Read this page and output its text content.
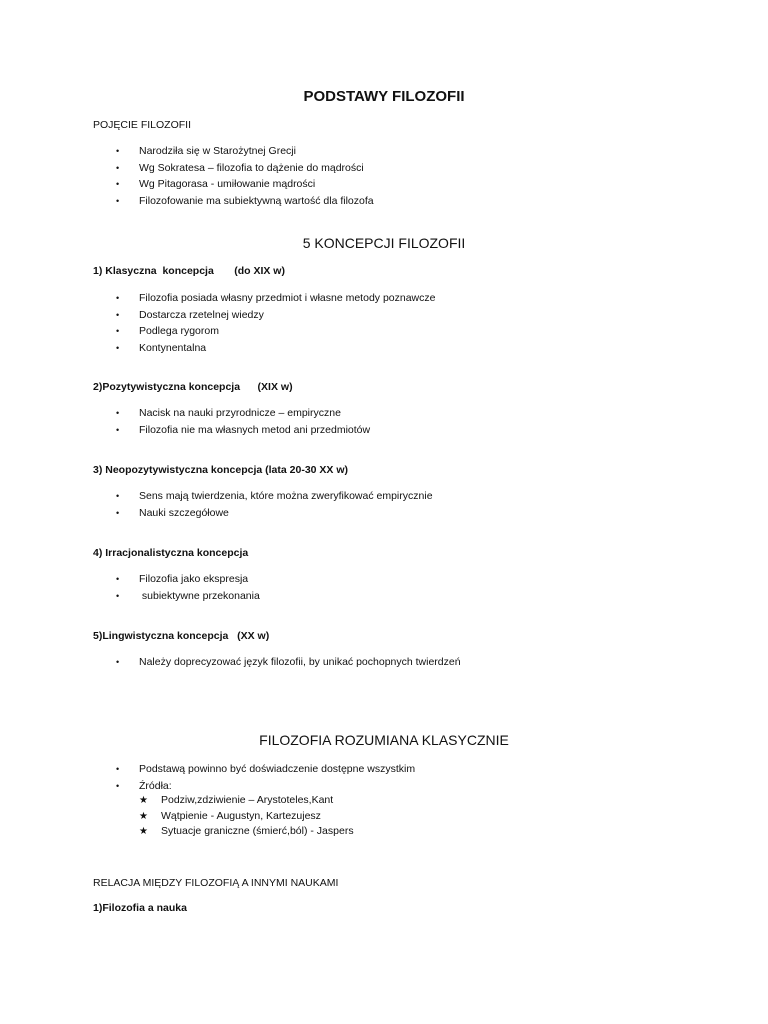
PODSTAWY FILOZOFII
POJĘCIE FILOZOFII
• Narodziła się w Starożytnej Grecji
• Wg Sokratesa – filozofia to dążenie do mądrości
• Wg Pitagorasa - umiłowanie mądrości
• Filozofowanie ma subiektywną wartość dla filozofa
5 KONCEPCJI FILOZOFII
1) Klasyczna  koncepcja       (do XIX w)
• Filozofia posiada własny przedmiot i własne metody poznawcze
• Dostarcza rzetelnej wiedzy
• Podlega rygorom
• Kontynentalna
2)Pozytywistyczna koncepcja      (XIX w)
• Nacisk na nauki przyrodnicze – empiryczne
• Filozofia nie ma własnych metod ani przedmiotów
3) Neopozytywistyczna koncepcja (lata 20-30 XX w)
• Sens mają twierdzenia, które można zweryfikować empirycznie
• Nauki szczegółowe
4) Irracjonalistyczna koncepcja
• Filozofia jako ekspresja
• subiektywne przekonania
5)Lingwistyczna koncepcja   (XX w)
• Należy doprecyzować język filozofii, by unikać pochopnych twierdzeń
FILOZOFIA ROZUMIANA KLASYCZNIE
• Podstawą powinno być doświadczenie dostępne wszystkim
• Źródła:
★ Podziw,zdziwienie – Arystoteles,Kant
★ Wątpienie - Augustyn, Kartezujesz
★ Sytuacje graniczne (śmierć,ból) - Jaspers
RELACJA MIĘDZY FILOZOFIĄ A INNYMI NAUKAMI
1)Filozofia a nauka
